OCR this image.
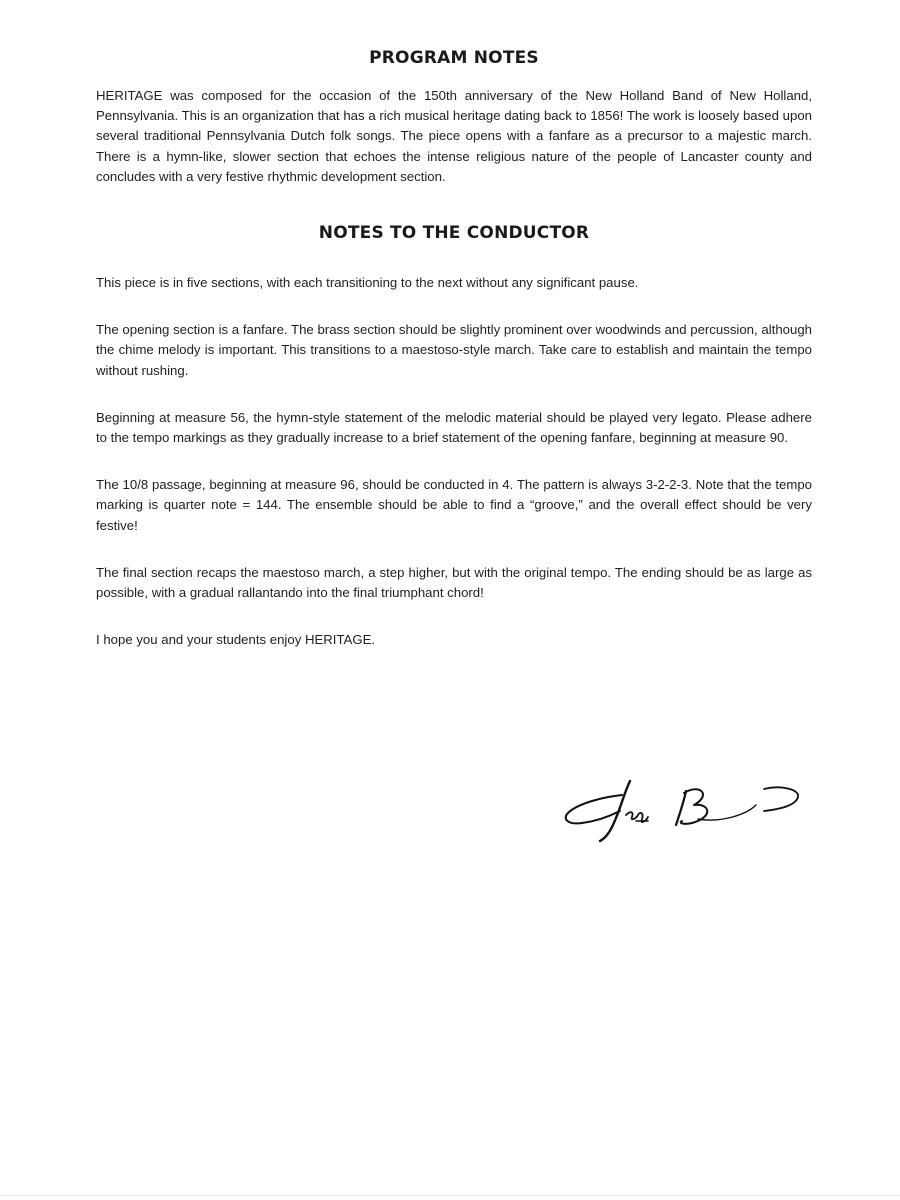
PROGRAM NOTES

HERITAGE was composed for the occasion of the 150th anniversary of the New Holland Band of New Holland, Pennsylvania. This is an organization that has a rich musical heritage dating back to 1856! The work is loosely based upon several traditional Pennsylvania Dutch folk songs. The piece opens with a fanfare as a precursor to a majestic march. There is a hymn-like, slower section that echoes the intense religious nature of the people of Lancaster county and concludes with a very festive rhythmic development section.

NOTES TO THE CONDUCTOR

This piece is in five sections, with each transitioning to the next without any significant pause.

The opening section is a fanfare. The brass section should be slightly prominent over woodwinds and percussion, although the chime melody is important. This transitions to a maestoso-style march. Take care to establish and maintain the tempo without rushing.

Beginning at measure 56, the hymn-style statement of the melodic material should be played very legato. Please adhere to the tempo markings as they gradually increase to a brief statement of the opening fanfare, beginning at measure 90.

The 10/8 passage, beginning at measure 96, should be conducted in 4. The pattern is always 3-2-2-3. Note that the tempo marking is quarter note = 144. The ensemble should be able to find a “groove,” and the overall effect should be very festive!

The final section recaps the maestoso march, a step higher, but with the original tempo. The ending should be as large as possible, with a gradual rallantando into the final triumphant chord!

I hope you and your students enjoy HERITAGE.
